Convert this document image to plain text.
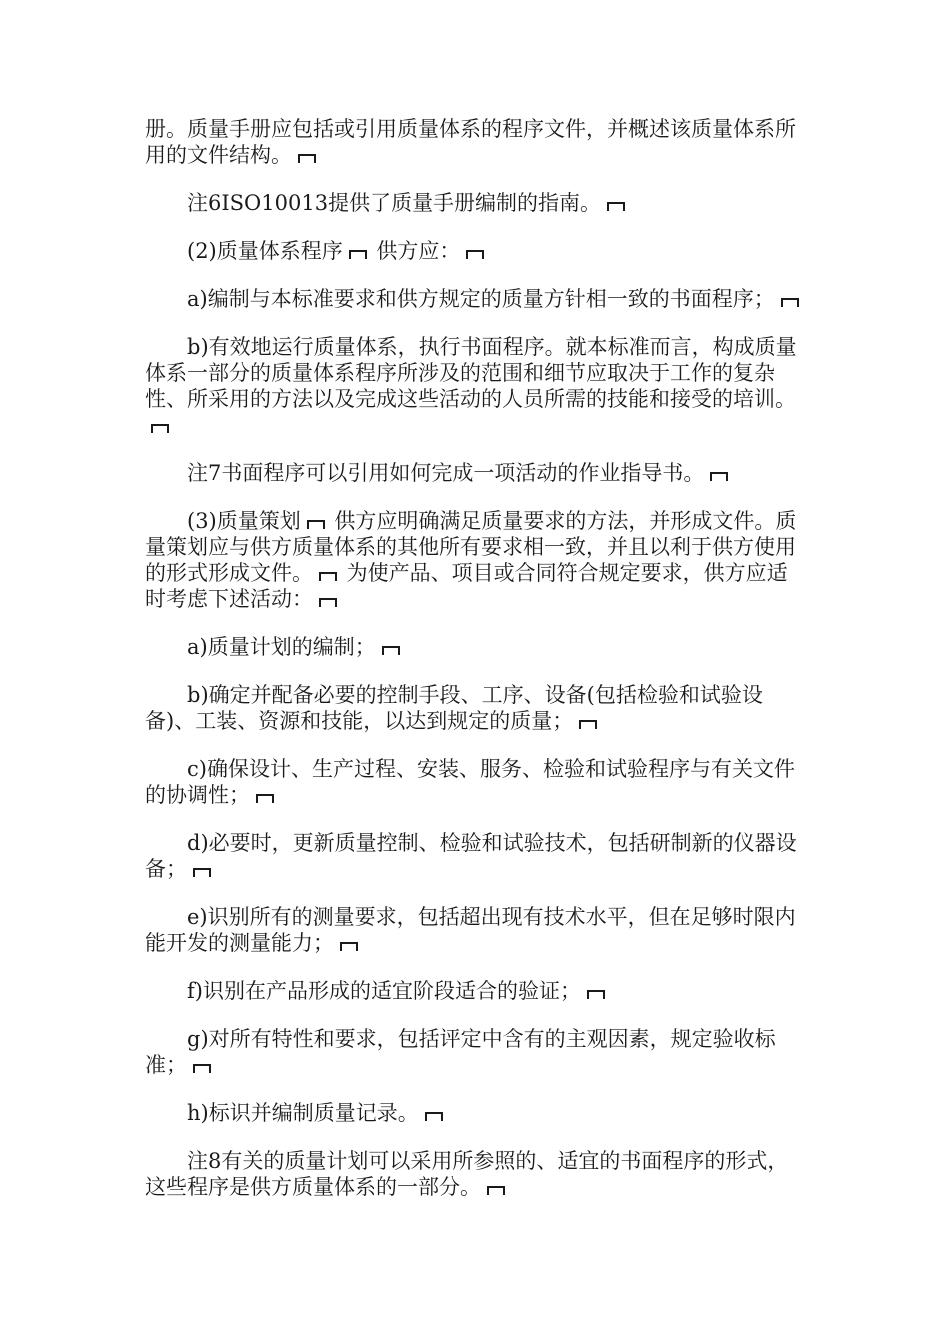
册。质量手册应包括或引用质量体系的程序文件，并概述该质量体系所用的文件结构。

注6ISO10013提供了质量手册编制的指南。

(2)质量体系程序 供方应：

a)编制与本标准要求和供方规定的质量方针相一致的书面程序；

b)有效地运行质量体系，执行书面程序。就本标准而言，构成质量体系一部分的质量体系程序所涉及的范围和细节应取决于工作的复杂性、所采用的方法以及完成这些活动的人员所需的技能和接受的培训。

注7书面程序可以引用如何完成一项活动的作业指导书。

(3)质量策划 供方应明确满足质量要求的方法，并形成文件。质量策划应与供方质量体系的其他所有要求相一致，并且以利于供方使用的形式形成文件。 为使产品、项目或合同符合规定要求，供方应适时考虑下述活动：

a)质量计划的编制；

b)确定并配备必要的控制手段、工序、设备(包括检验和试验设备)、工装、资源和技能，以达到规定的质量；

c)确保设计、生产过程、安装、服务、检验和试验程序与有关文件的协调性；

d)必要时，更新质量控制、检验和试验技术，包括研制新的仪器设备；

e)识别所有的测量要求，包括超出现有技术水平，但在足够时限内能开发的测量能力；

f)识别在产品形成的适宜阶段适合的验证；

g)对所有特性和要求，包括评定中含有的主观因素，规定验收标准；

h)标识并编制质量记录。

注8有关的质量计划可以采用所参照的、适宜的书面程序的形式，这些程序是供方质量体系的一部分。
